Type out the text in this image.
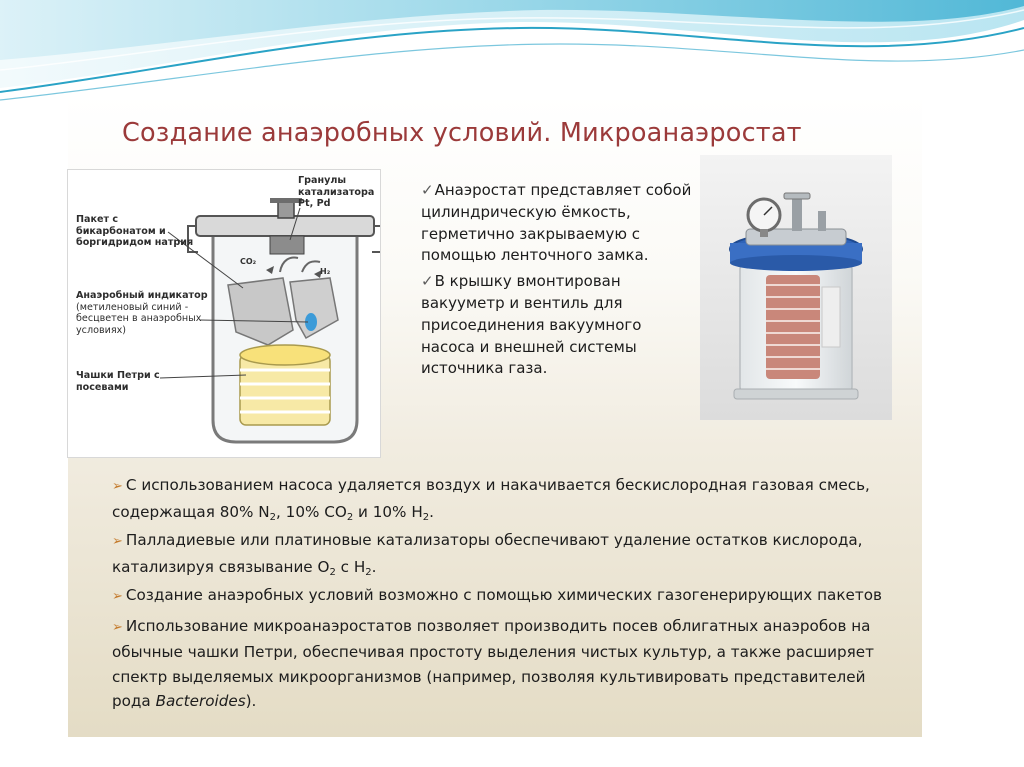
Создание анаэробных условий. Микроанаэростат
Пакет с бикарбонатом и боргидридом натрия
Анаэробный индикатор (метиленовый синий - бесцветен в анаэробных условиях)
Чашки Петри с посевами
Гранулы катализатора Pt, Pd
CO₂
H₂

✓Анаэростат представляет собой цилиндрическую ёмкость, герметично закрываемую с помощью ленточного замка.

✓В крышку вмонтирован вакууметр и вентиль для присоединения вакуумного насоса и внешней системы источника газа.

➢ С использованием насоса удаляется воздух и накачивается бескислородная газовая смесь, содержащая 80% $N_2$, 10% $CO_2$ и 10% $H_2$.

➢ Палладиевые или платиновые катализаторы обеспечивают удаление остатков кислорода, катализируя связывание $O_2$ с $H_2$.

➢ Создание анаэробных условий возможно с помощью химических газогенерирующих пакетов

➢ Использование микроанаэростатов позволяет производить посев облигатных анаэробов на обычные чашки Петри, обеспечивая простоту выделения чистых культур, а также расширяет спектр выделяемых микроорганизмов (например, позволяя культивировать представителей рода Bacteroides).
